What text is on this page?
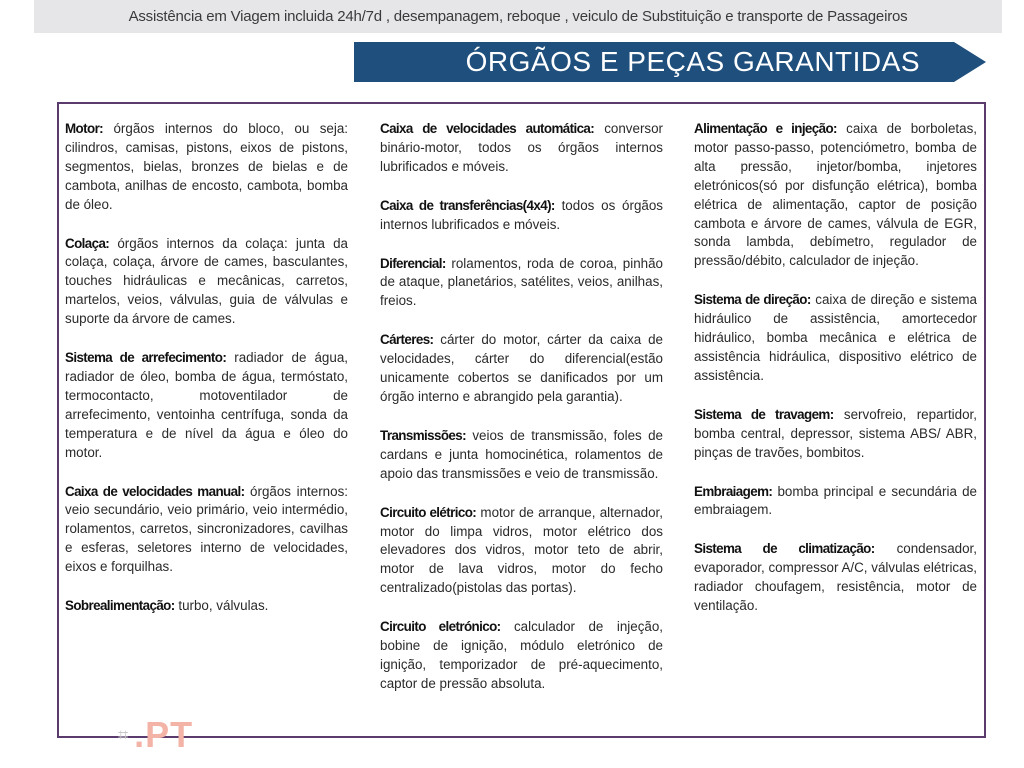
Assistência em Viagem incluida 24h/7d , desempanagem, reboque , veiculo de Substituição e transporte de Passageiros
ÓRGÃOS E PEÇAS GARANTIDAS

Motor: órgãos internos do bloco, ou seja: cilindros, camisas, pistons, eixos de pistons, segmentos, bielas, bronzes de bielas e de cambota, anilhas de encosto, cambota, bomba de óleo.

Colaça: órgãos internos da colaça: junta da colaça, colaça, árvore de cames, basculantes, touches hidráulicas e mecânicas, carretos, martelos, veios, válvulas, guia de válvulas e suporte da árvore de cames.

Sistema de arrefecimento: radiador de água, radiador de óleo, bomba de água, termóstato, termocontacto, motoventilador de arrefecimento, ventoinha centrífuga, sonda da temperatura e de nível da água e óleo do motor.

Caixa de velocidades manual: órgãos internos: veio secundário, veio primário, veio intermédio, rolamentos, carretos, sincronizadores, cavilhas e esferas, seletores interno de velocidades, eixos e forquilhas.

Sobrealimentação: turbo, válvulas.

Caixa de velocidades automática: conversor binário-motor, todos os órgãos internos lubrificados e móveis.

Caixa de transferências(4x4): todos os órgãos internos lubrificados e móveis.

Diferencial: rolamentos, roda de coroa, pinhão de ataque, planetários, satélites, veios, anilhas, freios.

Cárteres: cárter do motor, cárter da caixa de velocidades, cárter do diferencial(estão unicamente cobertos se danificados por um órgão interno e abrangido pela garantia).

Transmissões: veios de transmissão, foles de cardans e junta homocinética, rolamentos de apoio das transmissões e veio de transmissão.

Circuito elétrico: motor de arranque, alternador, motor do limpa vidros, motor elétrico dos elevadores dos vidros, motor teto de abrir, motor de lava vidros, motor do fecho centralizado(pistolas das portas).

Circuito eletrónico: calculador de injeção, bobine de ignição, módulo eletrónico de ignição, temporizador de pré-aquecimento, captor de pressão absoluta.

Alimentação e injeção: caixa de borboletas, motor passo-passo, potenciómetro, bomba de alta pressão, injetor/bomba, injetores eletrónicos(só por disfunção elétrica), bomba elétrica de alimentação, captor de posição cambota e árvore de cames, válvula de EGR, sonda lambda, debímetro, regulador de pressão/débito, calculador de injeção.

Sistema de direção: caixa de direção e sistema hidráulico de assistência, amortecedor hidráulico, bomba mecânica e elétrica de assistência hidráulica, dispositivo elétrico de assistência.

Sistema de travagem: servofreio, repartidor, bomba central, depressor, sistema ABS/ ABR, pinças de travões, bombitos.

Embraiagem: bomba principal e secundária de embraiagem.

Sistema de climatização: condensador, evaporador, compressor A/C, válvulas elétricas, radiador choufagem, resistência, motor de ventilação.

⌗ .PT
